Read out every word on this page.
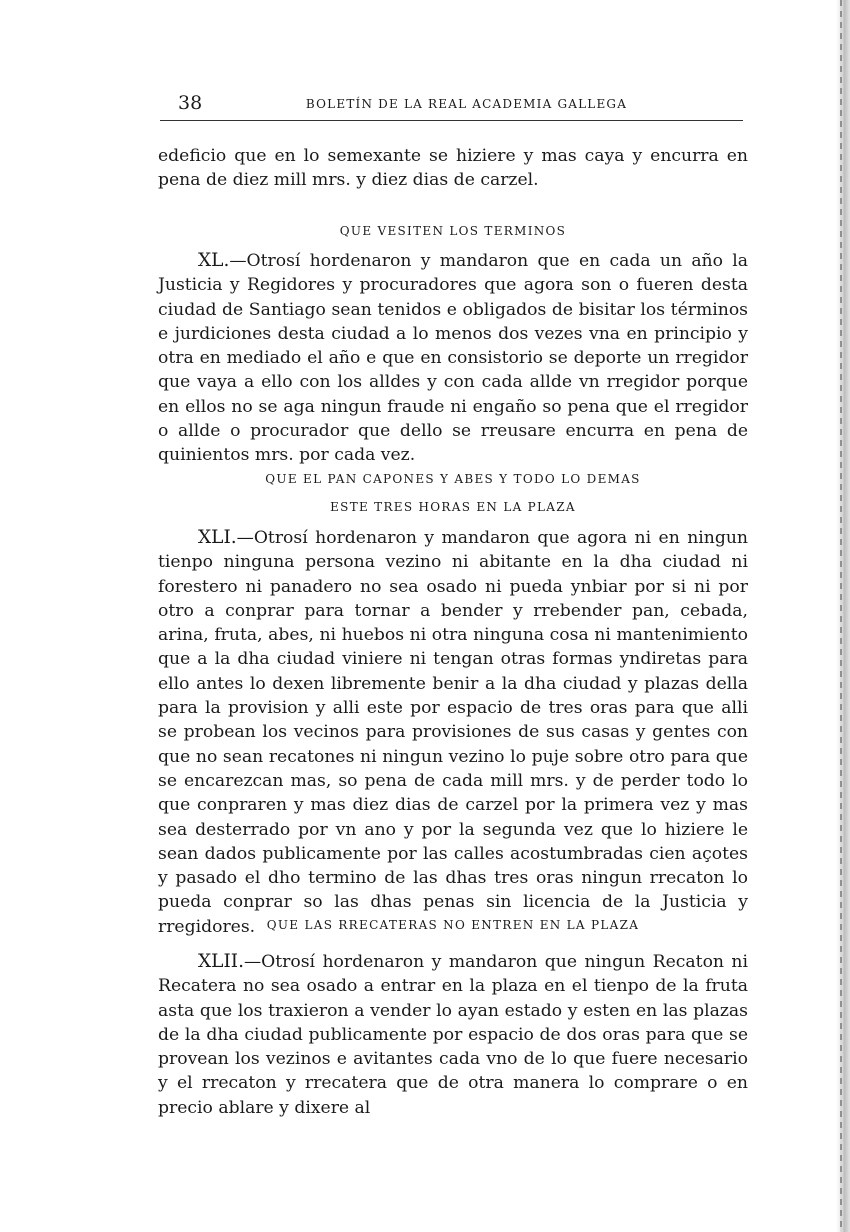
38	BOLETÍN DE LA REAL ACADEMIA GALLEGA

edeficio que en lo semexante se hiziere y mas caya y encurra en pena de diez mill mrs. y diez dias de carzel.

QUE VESITEN LOS TERMINOS

XL.—Otrosí hordenaron y mandaron que en cada un año la Justicia y Regidores y procuradores que agora son o fueren desta ciudad de Santiago sean tenidos e obligados de bisitar los términos e jurdiciones desta ciudad a lo menos dos vezes vna en principio y otra en mediado el año e que en consistorio se deporte un rregidor que vaya a ello con los alldes y con cada allde vn rregidor porque en ellos no se aga ningun fraude ni engaño so pena que el rregidor o allde o procurador que dello se rreusare encurra en pena de quinientos mrs. por cada vez.

QUE EL PAN CAPONES Y ABES Y TODO LO DEMAS

ESTE TRES HORAS EN LA PLAZA

XLI.—Otrosí hordenaron y mandaron que agora ni en ningun tienpo ninguna persona vezino ni abitante en la dha ciudad ni forestero ni panadero no sea osado ni pueda ynbiar por si ni por otro a conprar para tornar a bender y rrebender pan, cebada, arina, fruta, abes, ni huebos ni otra ninguna cosa ni mantenimiento que a la dha ciudad viniere ni tengan otras formas yndiretas para ello antes lo dexen libremente benir a la dha ciudad y plazas della para la provision y alli este por espacio de tres oras para que alli se probean los vecinos para provisiones de sus casas y gentes con que no sean recatones ni ningun vezino lo puje sobre otro para que se encarezcan mas, so pena de cada mill mrs. y de perder todo lo que conpraren y mas diez dias de carzel por la primera vez y mas sea desterrado por vn ano y por la segunda vez que lo hiziere le sean dados publicamente por las calles acostumbradas cien açotes y pasado el dho termino de las dhas tres oras ningun rrecaton lo pueda conprar so las dhas penas sin licencia de la Justicia y rregidores. QUE LAS RRECATERAS NO ENTREN EN LA PLAZA

XLII.—Otrosí hordenaron y mandaron que ningun Recaton ni Recatera no sea osado a entrar en la plaza en el tienpo de la fruta asta que los traxieron a vender lo ayan estado y esten en las plazas de la dha ciudad publicamente por espacio de dos oras para que se provean los vezinos e avitantes cada vno de lo que fuere necesario y el rrecaton y rrecatera que de otra manera lo comprare o en precio ablare y dixere al
